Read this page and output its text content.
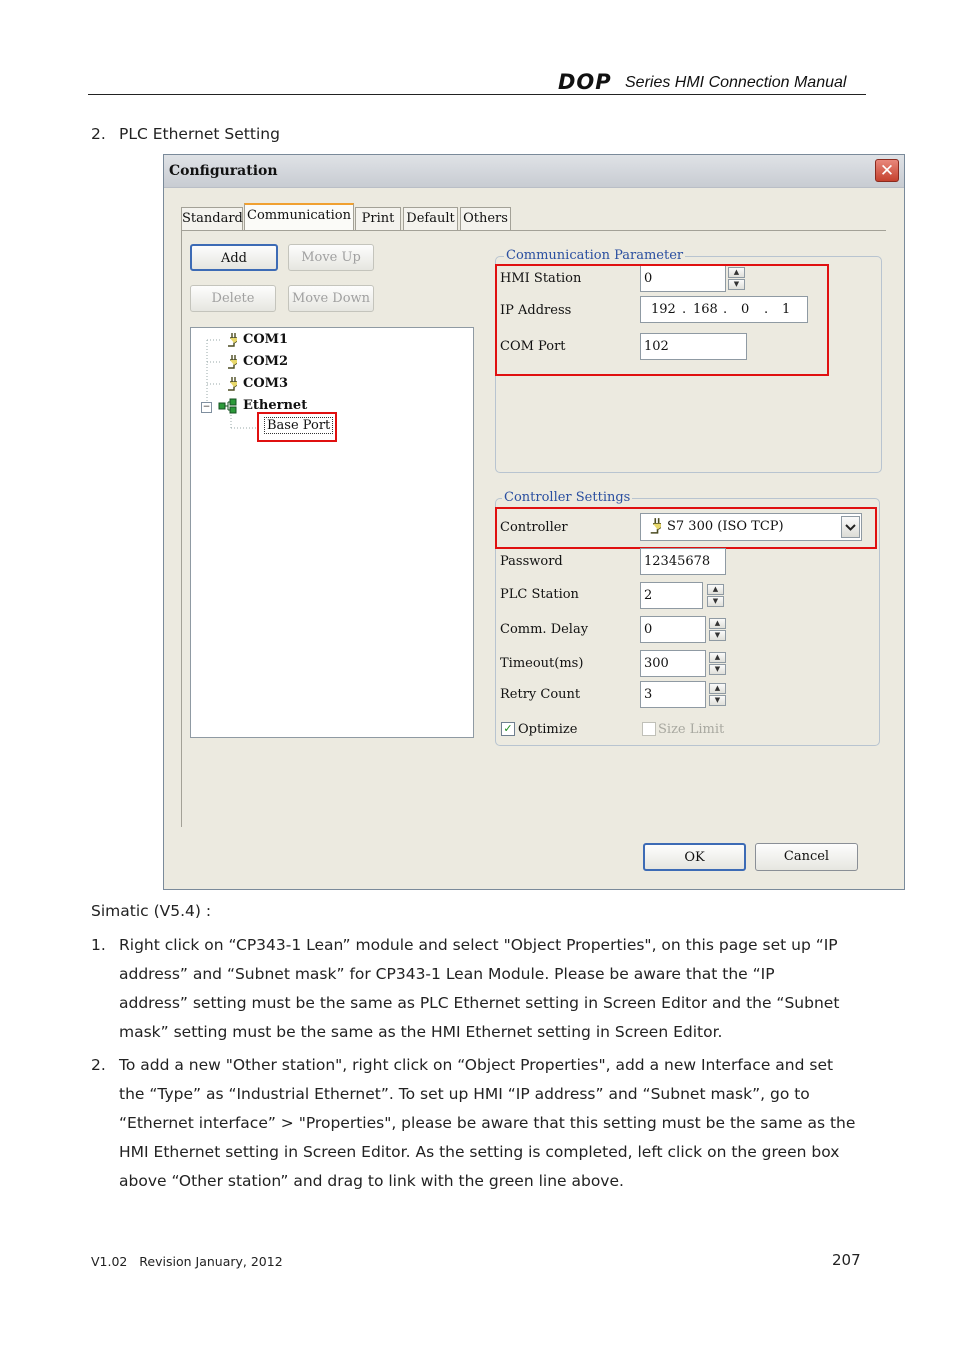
DOP Series HMI Connection Manual
2. PLC Ethernet Setting
Configuration	✕
Standard Communication Print Default Others
Add	Move Up
Delete	Move Down
COM1
COM2
COM3
−	Ethernet
Base Port
Communication Parameter
HMI Station	0	▲
▼
IP Address	192 . 168 . 0 . 1
COM Port	102
Controller Settings
Controller	S7 300 (ISO TCP)
Password	12345678
PLC Station	2	▲
▼
Comm. Delay	0	▲
▼
Timeout(ms)	300	▲
▼
Retry Count	3	▲
▼
✓ Optimize	Size Limit
OK	Cancel
Simatic (V5.4) :
1. Right click on “CP343-1 Lean” module and select "Object Properties", on this page set up “IP
address” and “Subnet mask” for CP343-1 Lean Module. Please be aware that the “IP
address” setting must be the same as PLC Ethernet setting in Screen Editor and the “Subnet
mask” setting must be the same as the HMI Ethernet setting in Screen Editor.
2. To add a new "Other station", right click on “Object Properties", add a new Interface and set
the “Type” as “Industrial Ethernet”. To set up HMI “IP address” and “Subnet mask”, go to
“Ethernet interface” > "Properties", please be aware that this setting must be the same as the
HMI Ethernet setting in Screen Editor. As the setting is completed, left click on the green box
above “Other station” and drag to link with the green line above.
V1.02   Revision January, 2012	207
